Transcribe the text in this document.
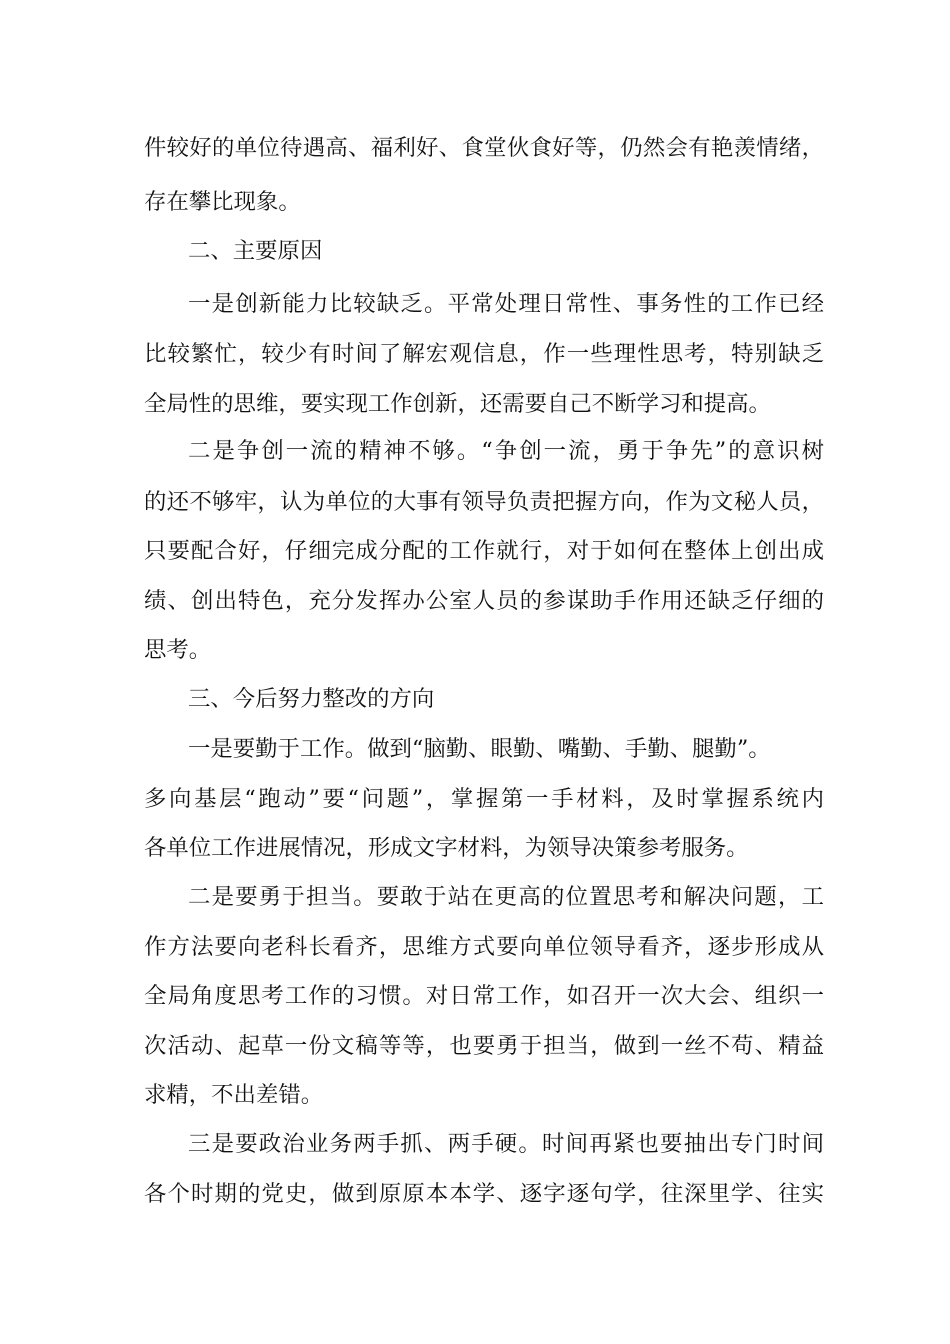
件较好的单位待遇高、福利好、食堂伙食好等，仍然会有艳羡情绪，
存在攀比现象。
二、主要原因
一是创新能力比较缺乏。平常处理日常性、事务性的工作已经
比较繁忙，较少有时间了解宏观信息，作一些理性思考，特别缺乏
全局性的思维，要实现工作创新，还需要自己不断学习和提高。
二是争创一流的精神不够。“争创一流，勇于争先”的意识树
的还不够牢，认为单位的大事有领导负责把握方向，作为文秘人员，
只要配合好，仔细完成分配的工作就行，对于如何在整体上创出成
绩、创出特色，充分发挥办公室人员的参谋助手作用还缺乏仔细的
思考。
三、今后努力整改的方向
一是要勤于工作。做到“脑勤、眼勤、嘴勤、手勤、腿勤”。
多向基层“跑动”要“问题”，掌握第一手材料，及时掌握系统内
各单位工作进展情况，形成文字材料，为领导决策参考服务。
二是要勇于担当。要敢于站在更高的位置思考和解决问题，工
作方法要向老科长看齐，思维方式要向单位领导看齐，逐步形成从
全局角度思考工作的习惯。对日常工作，如召开一次大会、组织一
次活动、起草一份文稿等等，也要勇于担当，做到一丝不苟、精益
求精，不出差错。
三是要政治业务两手抓、两手硬。时间再紧也要抽出专门时间
各个时期的党史，做到原原本本学、逐字逐句学，往深里学、往实
